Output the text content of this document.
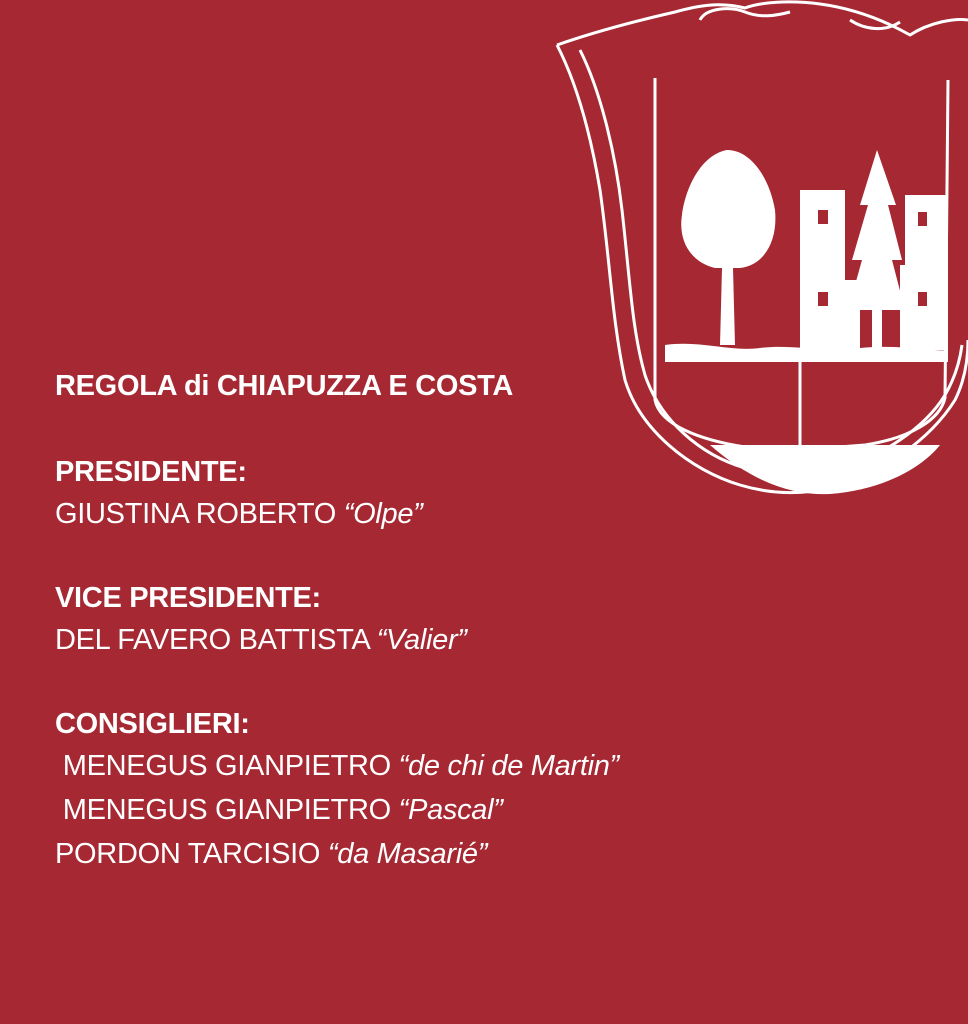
REGOLA di CHIAPUZZA E COSTA
PRESIDENTE:
GIUSTINA ROBERTO “Olpe”
VICE PRESIDENTE:
DEL FAVERO BATTISTA “Valier”
CONSIGLIERI:
MENEGUS GIANPIETRO “de chi de Martin”
MENEGUS GIANPIETRO “Pascal”
PORDON TARCISIO “da Masarié”
